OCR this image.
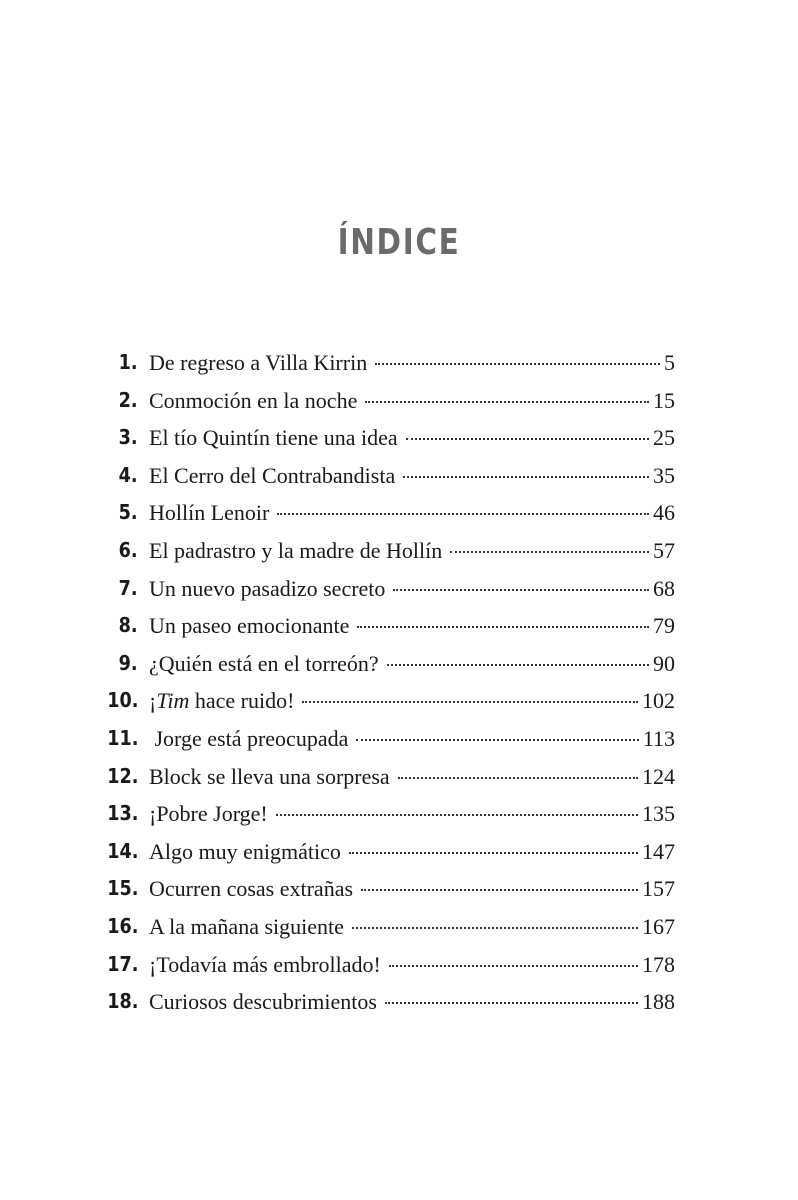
ÍNDICE
1. De regreso a Villa Kirrin	5
2. Conmoción en la noche	15
3. El tío Quintín tiene una idea	25
4. El Cerro del Contrabandista	35
5. Hollín Lenoir	46
6. El padrastro y la madre de Hollín	57
7. Un nuevo pasadizo secreto	68
8. Un paseo emocionante	79
9. ¿Quién está en el torreón?	90
10. ¡Tim hace ruido!	102
11. Jorge está preocupada	113
12. Block se lleva una sorpresa	124
13. ¡Pobre Jorge!	135
14. Algo muy enigmático	147
15. Ocurren cosas extrañas	157
16. A la mañana siguiente	167
17. ¡Todavía más embrollado!	178
18. Curiosos descubrimientos	188
